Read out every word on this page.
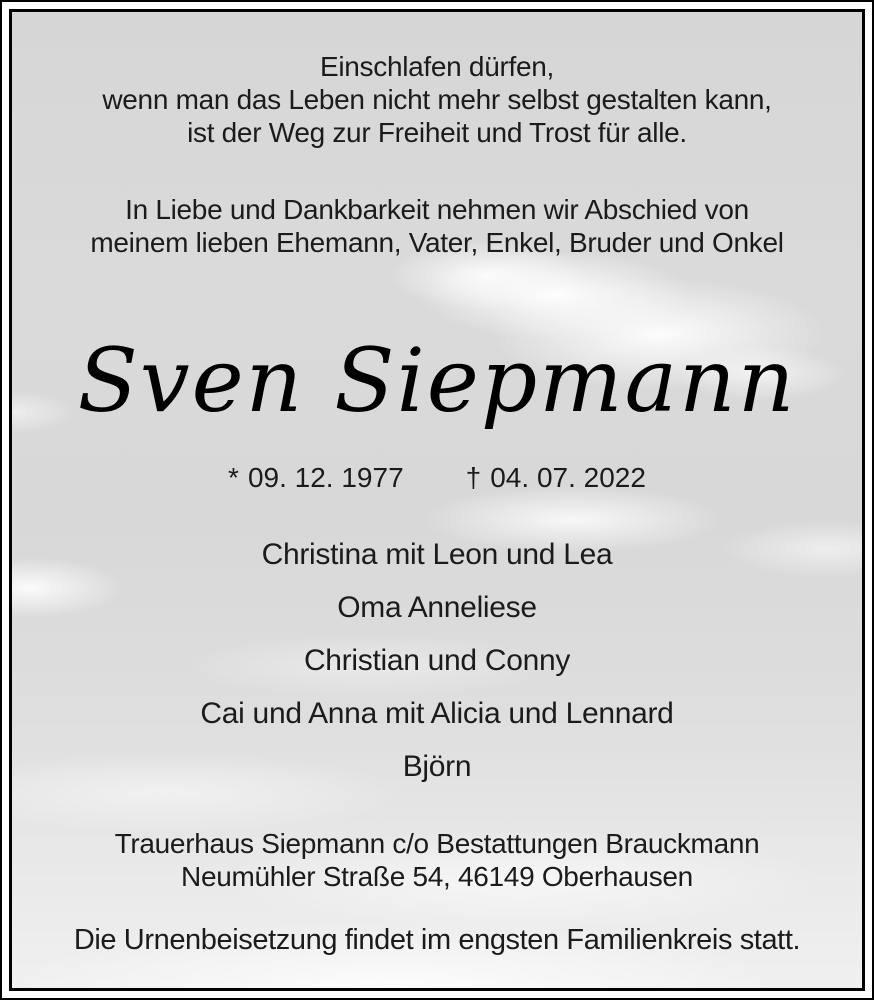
Einschlafen dürfen,
wenn man das Leben nicht mehr selbst gestalten kann,
ist der Weg zur Freiheit und Trost für alle.
In Liebe und Dankbarkeit nehmen wir Abschied von
meinem lieben Ehemann, Vater, Enkel, Bruder und Onkel
Sven Siepmann
* 09. 12. 1977 † 04. 07. 2022
Christina mit Leon und Lea
Oma Anneliese
Christian und Conny
Cai und Anna mit Alicia und Lennard
Björn
Trauerhaus Siepmann c/o Bestattungen Brauckmann
Neumühler Straße 54, 46149 Oberhausen
Die Urnenbeisetzung findet im engsten Familienkreis statt.
